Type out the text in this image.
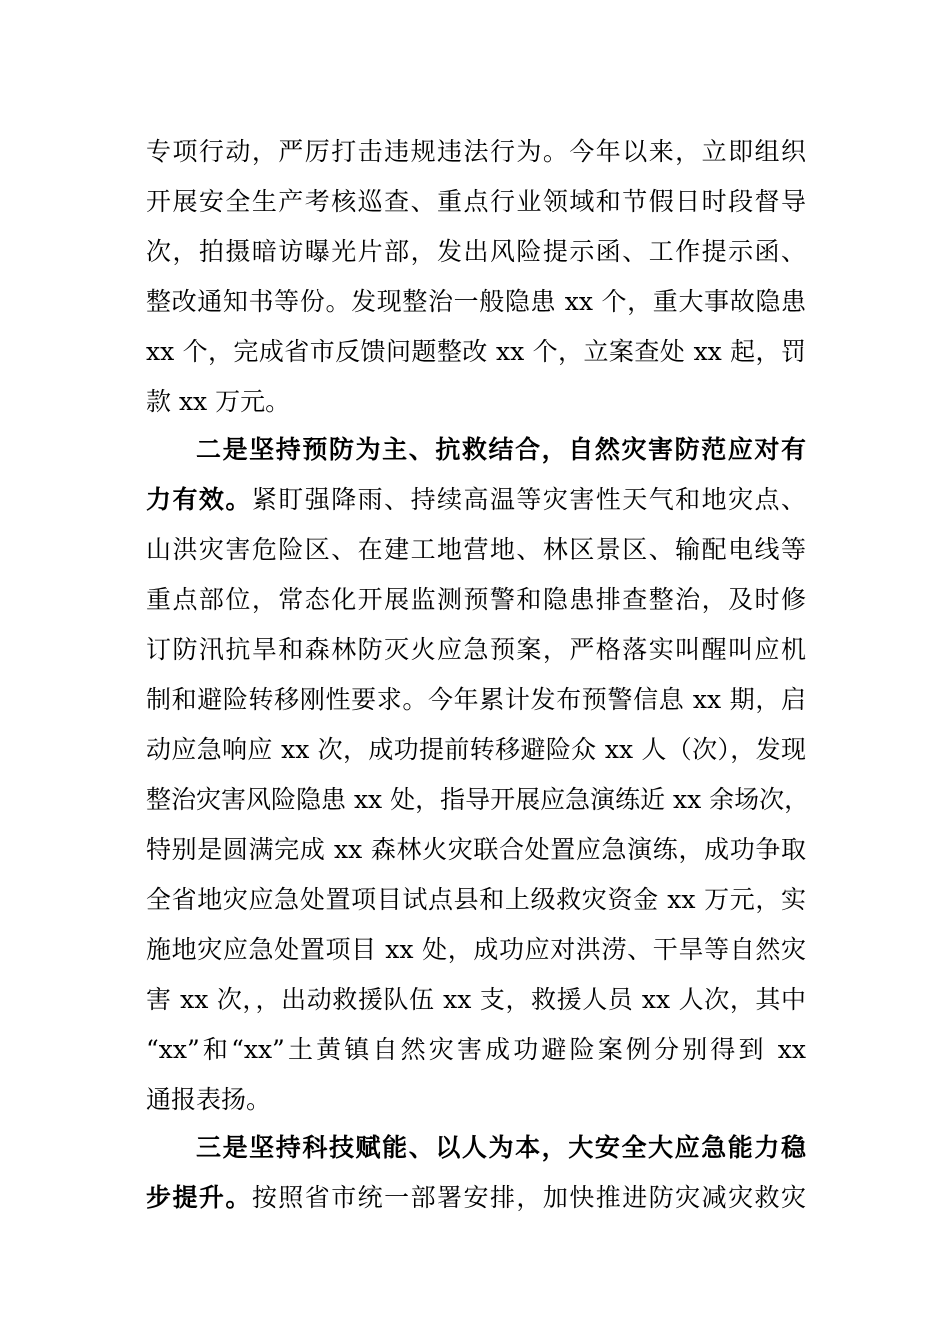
专项行动，严厉打击违规违法行为。今年以来，立即组织
开展安全生产考核巡查、重点行业领域和节假日时段督导
次，拍摄暗访曝光片部，发出风险提示函、工作提示函、
整改通知书等份。发现整治一般隐患 xx 个，重大事故隐患
xx 个，完成省市反馈问题整改 xx 个，立案查处 xx 起，罚
款 xx 万元。
二是坚持预防为主、抗救结合，自然灾害防范应对有
力有效。紧盯强降雨、持续高温等灾害性天气和地灾点、
山洪灾害危险区、在建工地营地、林区景区、输配电线等
重点部位，常态化开展监测预警和隐患排查整治，及时修
订防汛抗旱和森林防灭火应急预案，严格落实叫醒叫应机
制和避险转移刚性要求。今年累计发布预警信息 xx 期，启
动应急响应 xx 次，成功提前转移避险众 xx 人（次），发现
整治灾害风险隐患 xx 处，指导开展应急演练近 xx 余场次，
特别是圆满完成 xx 森林火灾联合处置应急演练，成功争取
全省地灾应急处置项目试点县和上级救灾资金 xx 万元，实
施地灾应急处置项目 xx 处，成功应对洪涝、干旱等自然灾
害 xx 次，，出动救援队伍 xx 支，救援人员 xx 人次，其中
“xx”和“xx”土黄镇自然灾害成功避险案例分别得到 xx
通报表扬。
三是坚持科技赋能、以人为本，大安全大应急能力稳
步提升。按照省市统一部署安排，加快推进防灾减灾救灾
